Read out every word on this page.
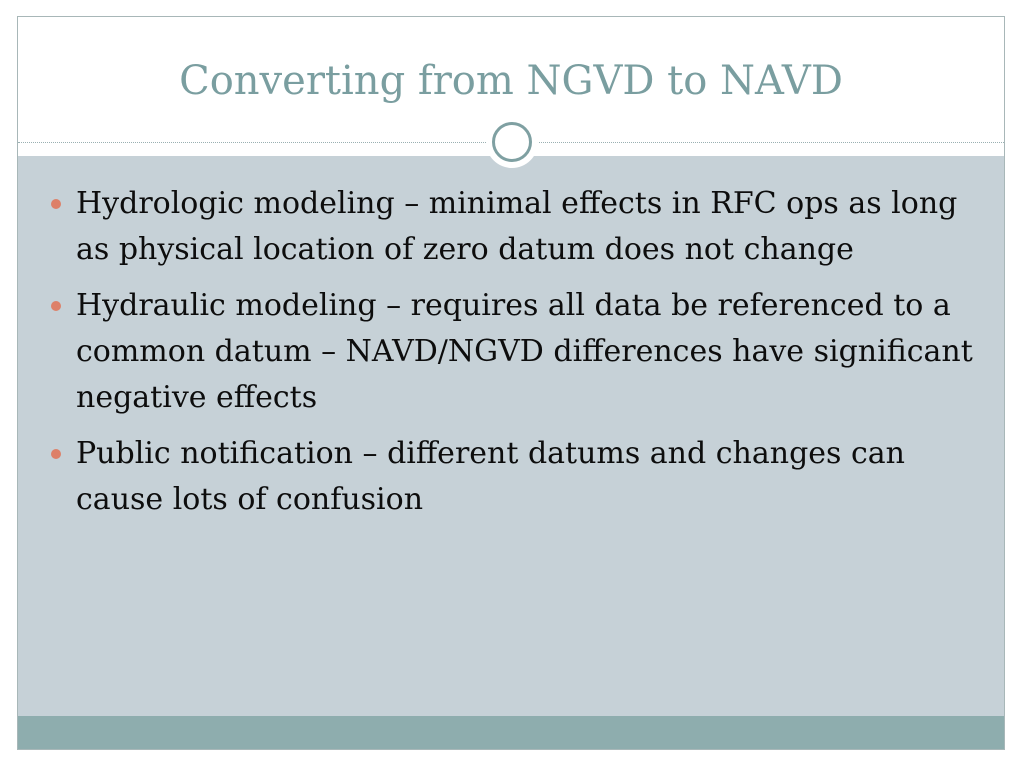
Converting from NGVD to NAVD
Hydrologic modeling – minimal effects in RFC ops as long as physical location of zero datum does not change
Hydraulic modeling – requires all data be referenced to a common datum – NAVD/NGVD differences have significant negative effects
Public notification – different datums and changes can cause lots of confusion
